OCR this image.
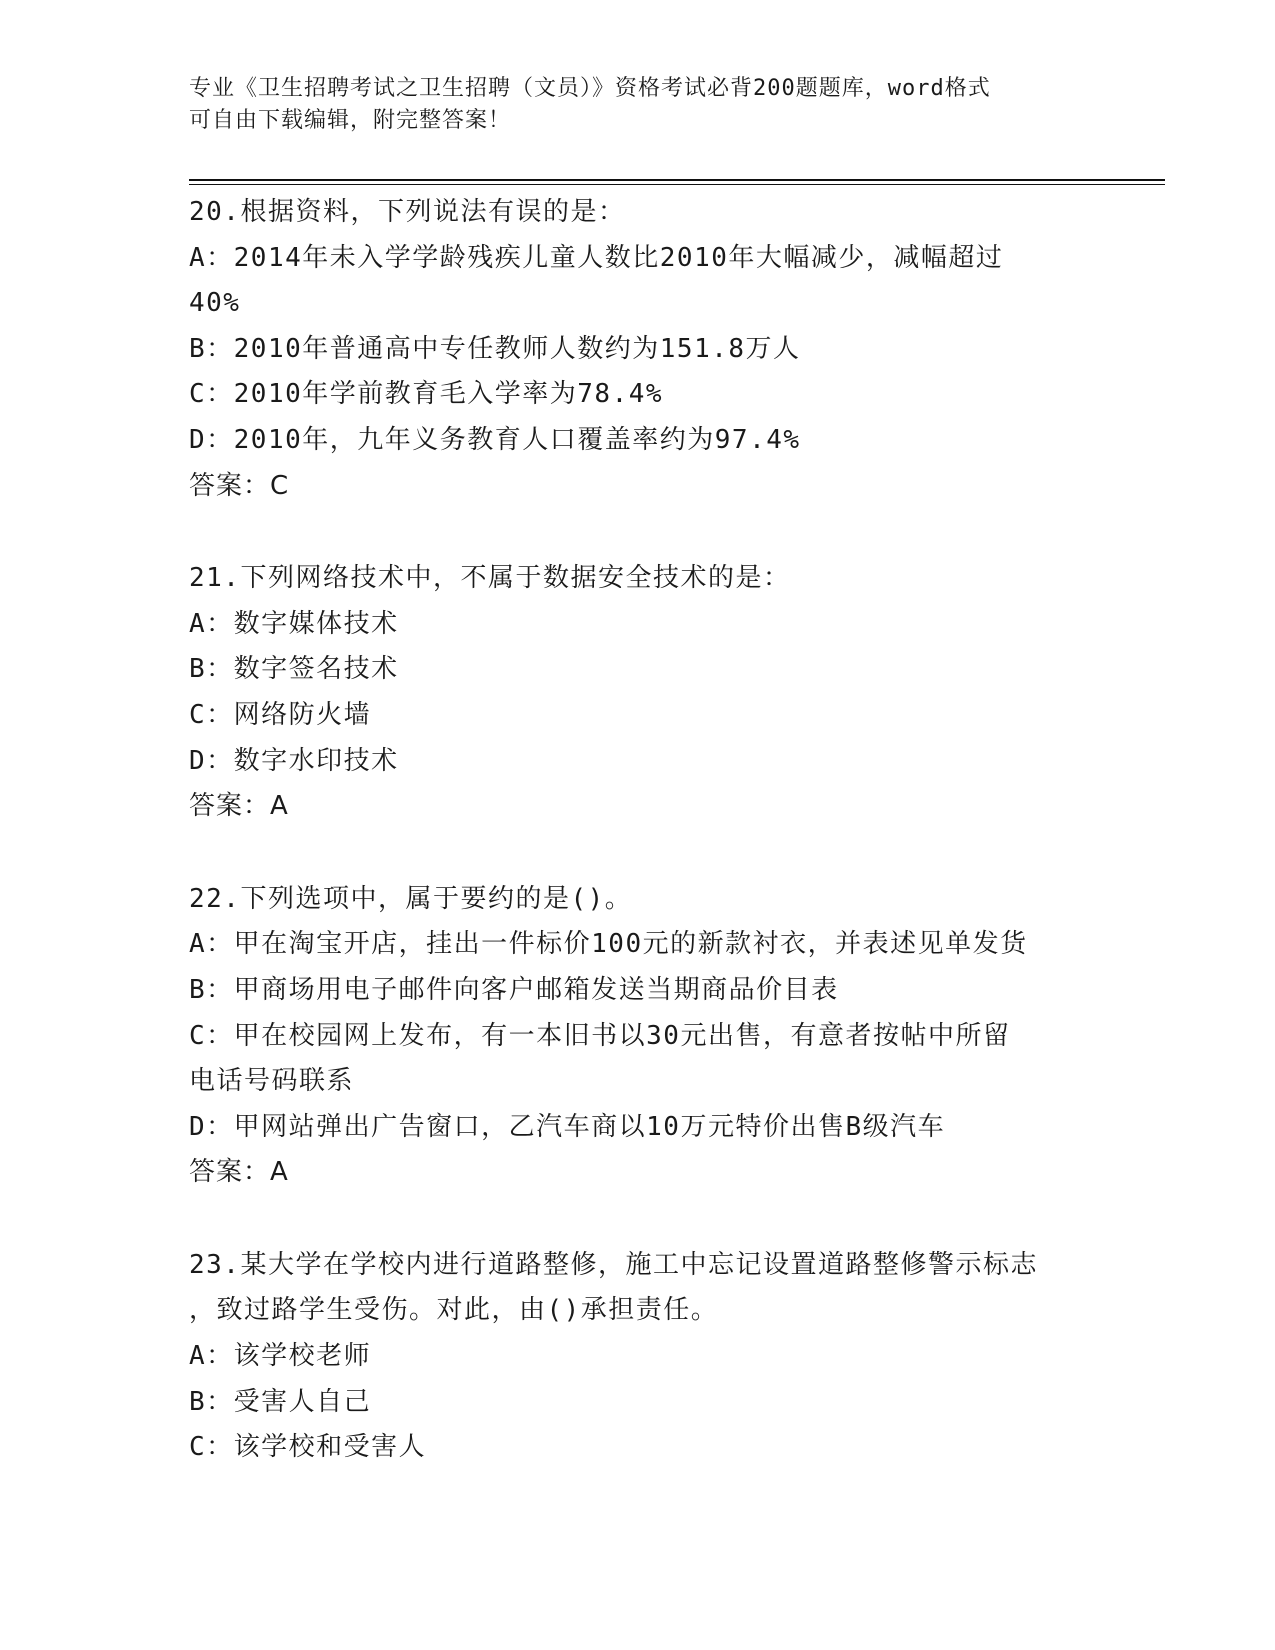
专业《卫生招聘考试之卫生招聘（文员）》资格考试必背200题题库，word格式
可自由下载编辑，附完整答案！
20.根据资料，下列说法有误的是：
A：2014年未入学学龄残疾儿童人数比2010年大幅减少，减幅超过
40%
B：2010年普通高中专任教师人数约为151.8万人
C：2010年学前教育毛入学率为78.4%
D：2010年，九年义务教育人口覆盖率约为97.4%
答案：C
21.下列网络技术中，不属于数据安全技术的是：
A：数字媒体技术
B：数字签名技术
C：网络防火墙
D：数字水印技术
答案：A
22.下列选项中，属于要约的是()。
A：甲在淘宝开店，挂出一件标价100元的新款衬衣，并表述见单发货
B：甲商场用电子邮件向客户邮箱发送当期商品价目表
C：甲在校园网上发布，有一本旧书以30元出售，有意者按帖中所留
电话号码联系
D：甲网站弹出广告窗口，乙汽车商以10万元特价出售B级汽车
答案：A
23.某大学在学校内进行道路整修，施工中忘记设置道路整修警示标志
，致过路学生受伤。对此，由()承担责任。
A：该学校老师
B：受害人自己
C：该学校和受害人
